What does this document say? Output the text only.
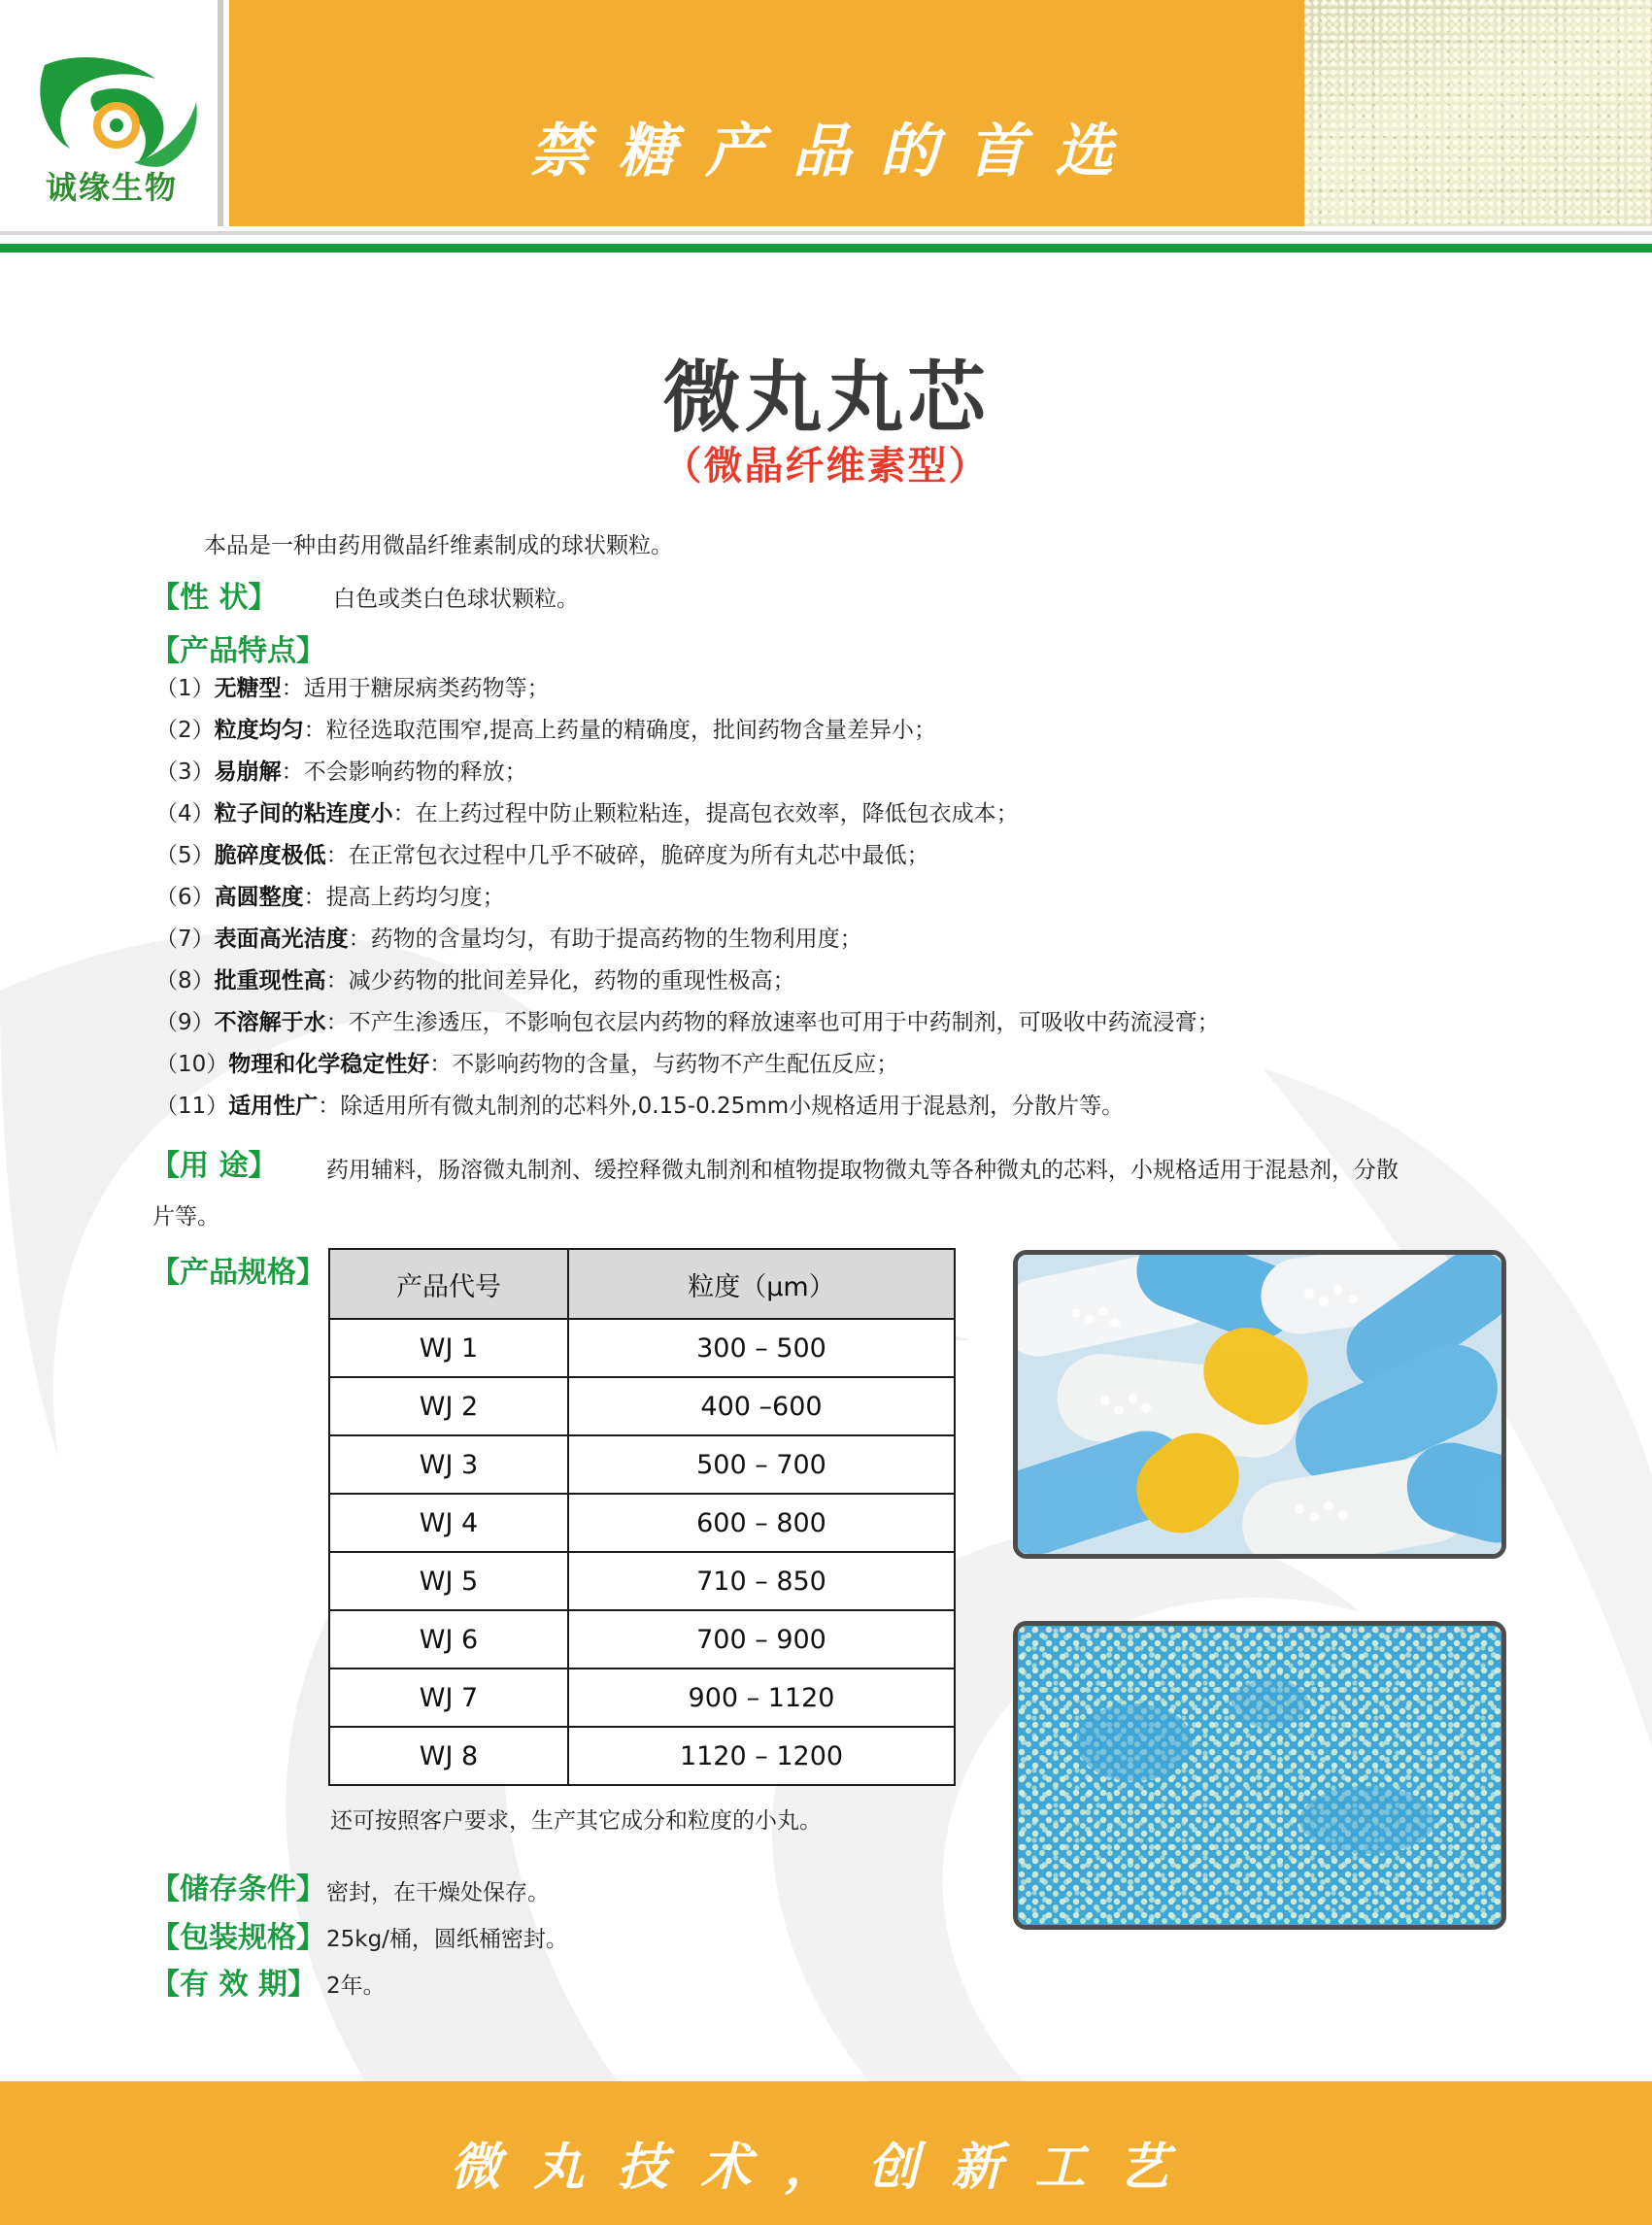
诚缘生物
禁糖产品的首选
微丸丸芯
（微晶纤维素型）
本品是一种由药用微晶纤维素制成的球状颗粒。
【性 状】	白色或类白色球状颗粒。
【产品特点】
（1）无糖型：适用于糖尿病类药物等；
（2）粒度均匀：粒径选取范围窄,提高上药量的精确度，批间药物含量差异小；
（3）易崩解：不会影响药物的释放；
（4）粒子间的粘连度小：在上药过程中防止颗粒粘连，提高包衣效率，降低包衣成本；
（5）脆碎度极低：在正常包衣过程中几乎不破碎，脆碎度为所有丸芯中最低；
（6）高圆整度：提高上药均匀度；
（7）表面高光洁度：药物的含量均匀，有助于提高药物的生物利用度；
（8）批重现性高：减少药物的批间差异化，药物的重现性极高；
（9）不溶解于水：不产生渗透压，不影响包衣层内药物的释放速率也可用于中药制剂，可吸收中药流浸膏；
（10）物理和化学稳定性好：不影响药物的含量，与药物不产生配伍反应；
（11）适用性广：除适用所有微丸制剂的芯料外,0.15-0.25mm小规格适用于混悬剂，分散片等。
【用 途】 药用辅料，肠溶微丸制剂、缓控释微丸制剂和植物提取物微丸等各种微丸的芯料，小规格适用于混悬剂，分散
片等。
【产品规格】
还可按照客户要求，生产其它成分和粒度的小丸。
【储存条件】 密封，在干燥处保存。
【包装规格】 25kg/桶，圆纸桶密封。
【有 效 期】 2年。
产品代号	粒度（μm）
WJ 1	300 – 500
WJ 2	400 –600
WJ 3	500 – 700
WJ 4	600 – 800
WJ 5	710 – 850
WJ 6	700 – 900
WJ 7	900 – 1120
WJ 8	1120 – 1200
微丸技术，创新工艺
